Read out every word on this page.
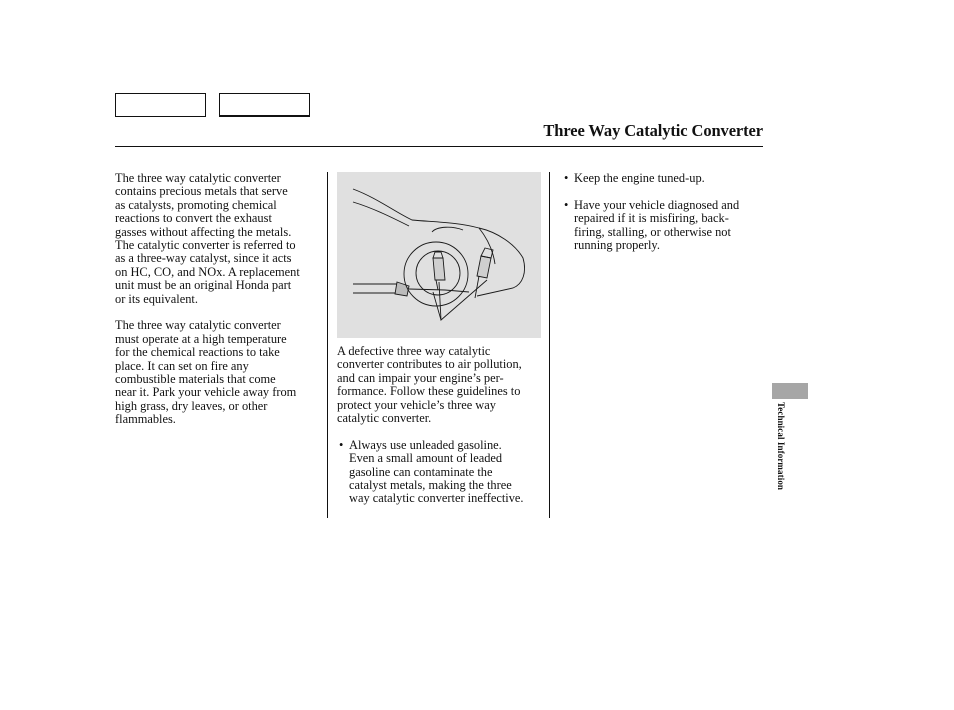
Three Way Catalytic Converter

The three way catalytic converter
contains precious metals that serve
as catalysts, promoting chemical
reactions to convert the exhaust
gasses without affecting the metals.
The catalytic converter is referred to
as a three-way catalyst, since it acts
on HC, CO, and NOx. A replacement
unit must be an original Honda part
or its equivalent.

The three way catalytic converter
must operate at a high temperature
for the chemical reactions to take
place. It can set on fire any
combustible materials that come
near it. Park your vehicle away from
high grass, dry leaves, or other
flammables.

A defective three way catalytic
converter contributes to air pollution,
and can impair your engine’s per-
formance. Follow these guidelines to
protect your vehicle’s three way
catalytic converter.

• Always use unleaded gasoline.
Even a small amount of leaded
gasoline can contaminate the
catalyst metals, making the three
way catalytic converter ineffective.

• Keep the engine tuned-up.

• Have your vehicle diagnosed and
repaired if it is misfiring, back-
firing, stalling, or otherwise not
running properly.

Technical Information
